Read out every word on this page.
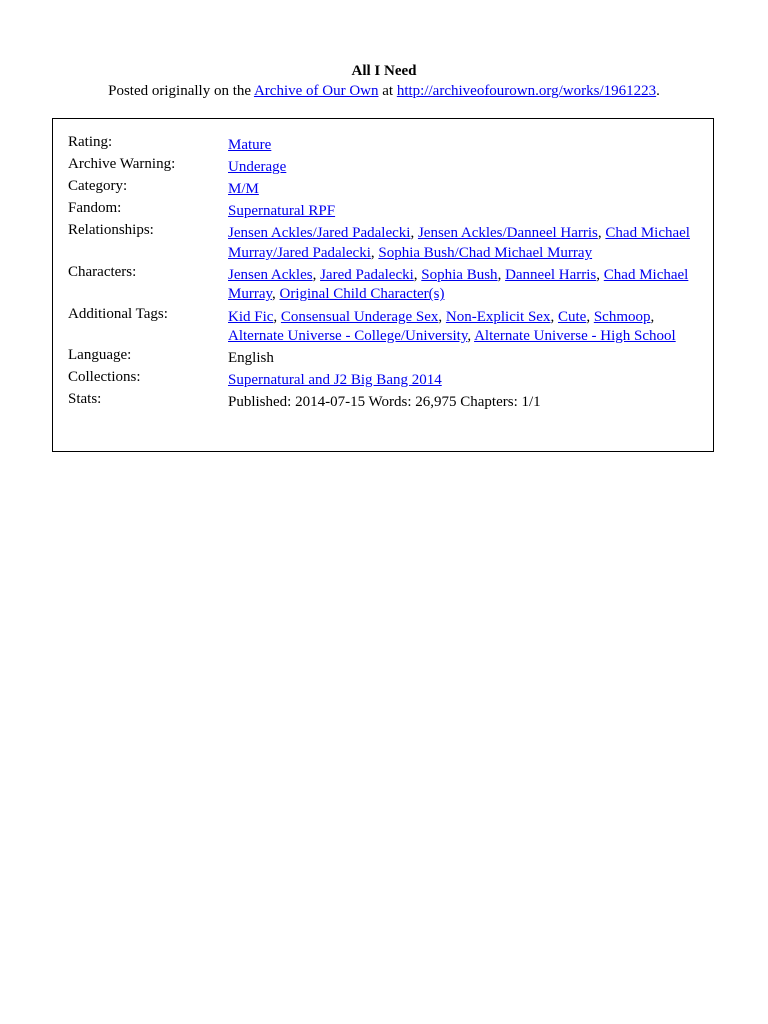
All I Need
Posted originally on the Archive of Our Own at http://archiveofourown.org/works/1961223.
Rating:	Mature
Archive Warning:	Underage
Category:	M/M
Fandom:	Supernatural RPF
Relationships:	Jensen Ackles/Jared Padalecki, Jensen Ackles/Danneel Harris, Chad Michael Murray/Jared Padalecki, Sophia Bush/Chad Michael Murray
Characters:	Jensen Ackles, Jared Padalecki, Sophia Bush, Danneel Harris, Chad Michael Murray, Original Child Character(s)
Additional Tags:	Kid Fic, Consensual Underage Sex, Non-Explicit Sex, Cute, Schmoop, Alternate Universe - College/University, Alternate Universe - High School
Language:	English
Collections:	Supernatural and J2 Big Bang 2014
Stats:	Published: 2014-07-15 Words: 26,975 Chapters: 1/1
